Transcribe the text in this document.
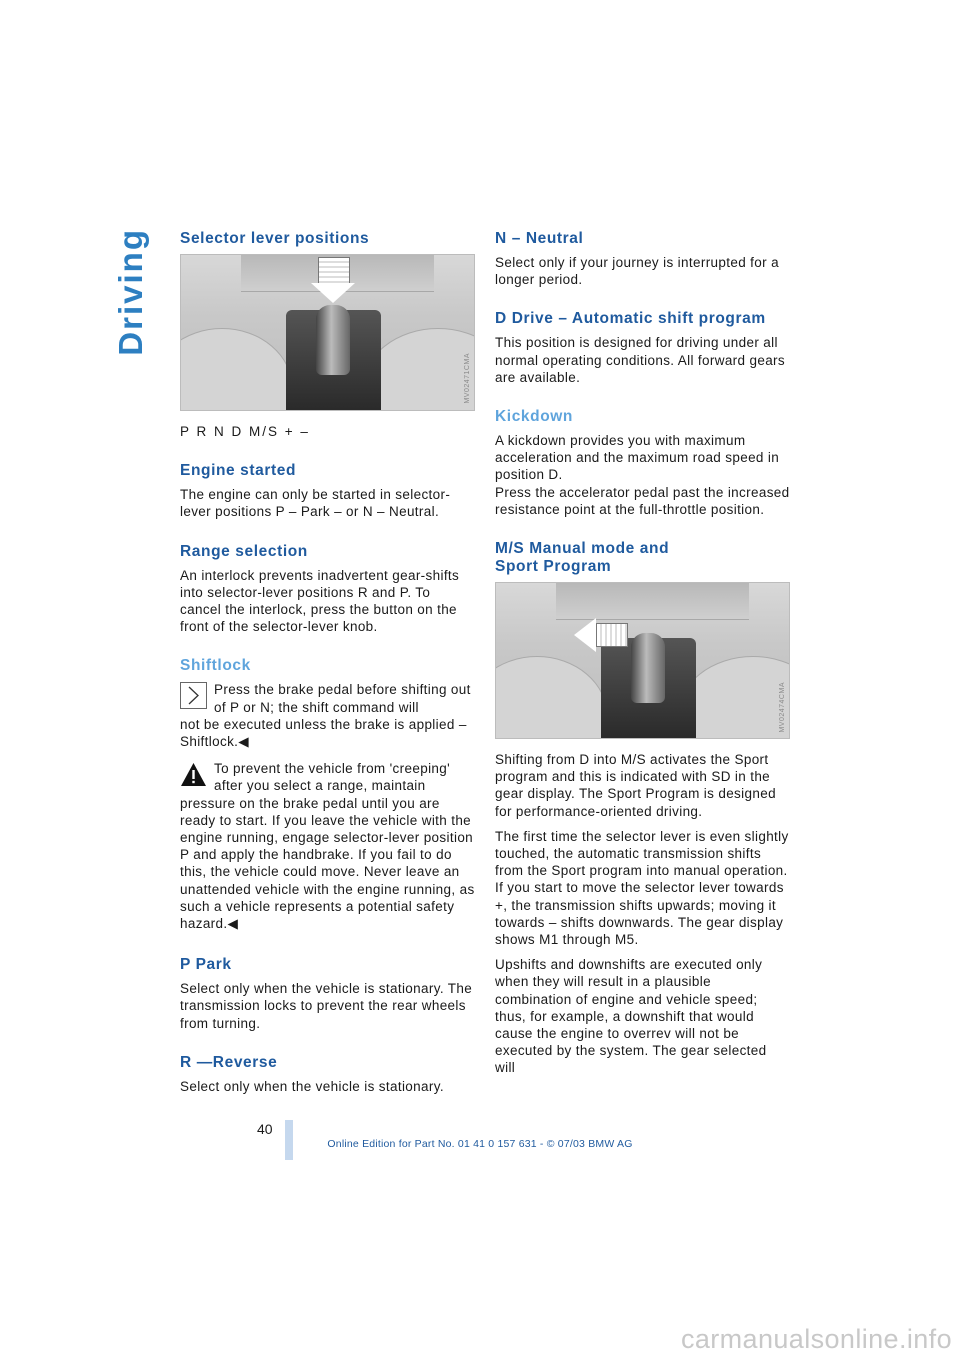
Driving Selector lever positions
MV02471CMA

P R N D M/S + –

Engine started

The engine can only be started in selector-lever positions P – Park – or N – Neutral.

Range selection

An interlock prevents inadvertent gear-shifts into selector-lever positions R and P. To cancel the interlock, press the button on the front of the selector-lever knob.

Shiftlock

Press the brake pedal before shifting out of P or N; the shift command will

not be executed unless the brake is applied – Shiftlock.◀

To prevent the vehicle from 'creeping' after you select a range, maintain

pressure on the brake pedal until you are ready to start. If you leave the vehicle with the engine running, engage selector-lever position P and apply the handbrake. If you fail to do this, the vehicle could move. Never leave an unattended vehicle with the engine running, as such a vehicle represents a potential safety hazard.◀

P Park

Select only when the vehicle is stationary. The transmission locks to prevent the rear wheels from turning.

R —Reverse

Select only when the vehicle is stationary.

N – Neutral

Select only if your journey is interrupted for a longer period.

D Drive – Automatic shift program

This position is designed for driving under all normal operating conditions. All forward gears are available.

Kickdown

A kickdown provides you with maximum acceleration and the maximum road speed in position D.

Press the accelerator pedal past the increased resistance point at the full-throttle position.

M/S Manual mode and Sport Program
MV02474CMA

Shifting from D into M/S activates the Sport program and this is indicated with SD in the gear display. The Sport Program is designed for performance-oriented driving.

The first time the selector lever is even slightly touched, the automatic transmission shifts from the Sport program into manual operation.

If you start to move the selector lever towards +, the transmission shifts upwards; moving it towards – shifts downwards. The gear display shows M1 through M5.

Upshifts and downshifts are executed only when they will result in a plausible combination of engine and vehicle speed; thus, for example, a downshift that would cause the engine to overrev will not be executed by the system. The gear selected will

40
Online Edition for Part No. 01 41 0 157 631 - © 07/03 BMW AG
carmanualsonline.info
